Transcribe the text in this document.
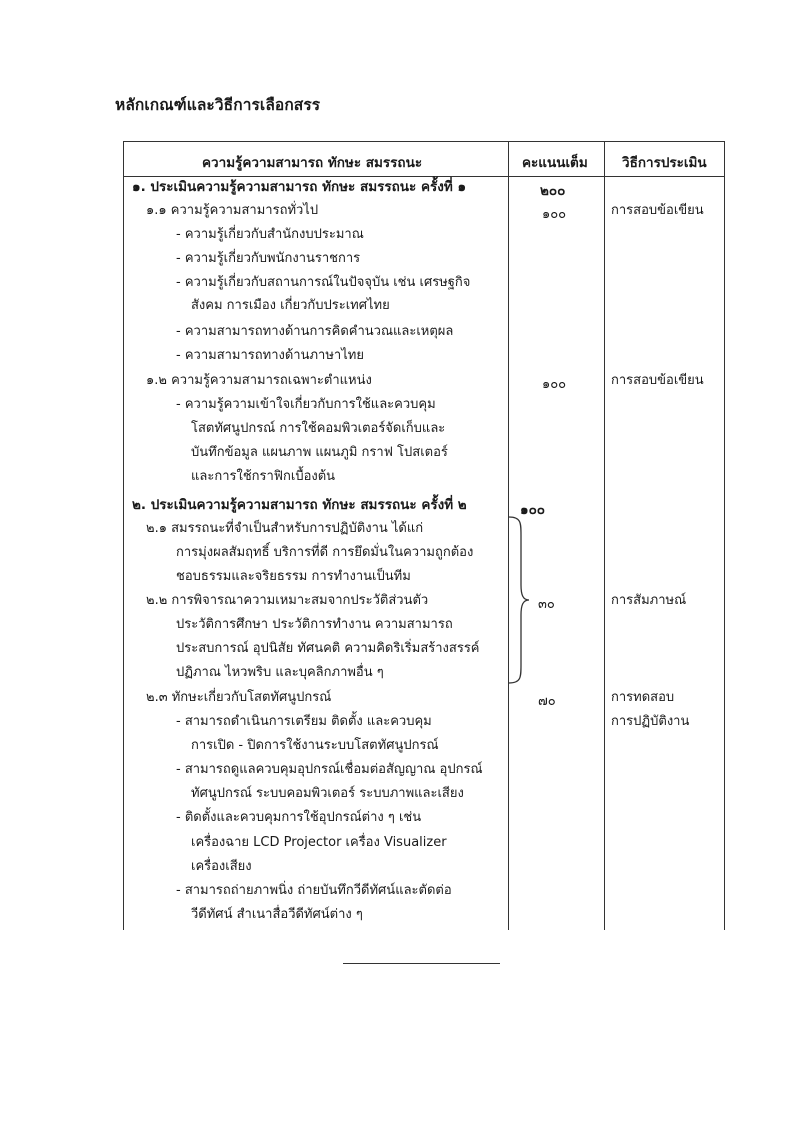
หลักเกณฑ์และวิธีการเลือกสรร
ความรู้ความสามารถ ทักษะ สมรรถนะ	คะแนนเต็ม	วิธีการประเมิน
๑. ประเมินความรู้ความสามารถ ทักษะ สมรรถนะ ครั้งที่ ๑
๑.๑ ความรู้ความสามารถทั่วไป
- ความรู้เกี่ยวกับสำนักงบประมาณ
- ความรู้เกี่ยวกับพนักงานราชการ
- ความรู้เกี่ยวกับสถานการณ์ในปัจจุบัน เช่น เศรษฐกิจ
สังคม การเมือง เกี่ยวกับประเทศไทย
- ความสามารถทางด้านการคิดคำนวณและเหตุผล
- ความสามารถทางด้านภาษาไทย
๑.๒ ความรู้ความสามารถเฉพาะตำแหน่ง
- ความรู้ความเข้าใจเกี่ยวกับการใช้และควบคุม
โสตทัศนูปกรณ์ การใช้คอมพิวเตอร์จัดเก็บและ
บันทึกข้อมูล แผนภาพ แผนภูมิ กราฟ โปสเตอร์
และการใช้กราฟิกเบื้องต้น
๒. ประเมินความรู้ความสามารถ ทักษะ สมรรถนะ ครั้งที่ ๒
๒.๑ สมรรถนะที่จำเป็นสำหรับการปฏิบัติงาน ได้แก่
การมุ่งผลสัมฤทธิ์ บริการที่ดี การยึดมั่นในความถูกต้อง
ชอบธรรมและจริยธรรม การทำงานเป็นทีม
๒.๒ การพิจารณาความเหมาะสมจากประวัติส่วนตัว
ประวัติการศึกษา ประวัติการทำงาน ความสามารถ
ประสบการณ์ อุปนิสัย ทัศนคติ ความคิดริเริ่มสร้างสรรค์
ปฏิภาณ ไหวพริบ และบุคลิกภาพอื่น ๆ
๒.๓ ทักษะเกี่ยวกับโสตทัศนูปกรณ์
- สามารถดำเนินการเตรียม ติดตั้ง และควบคุม
การเปิด - ปิดการใช้งานระบบโสตทัศนูปกรณ์
- สามารถดูแลควบคุมอุปกรณ์เชื่อมต่อสัญญาณ อุปกรณ์
ทัศนูปกรณ์ ระบบคอมพิวเตอร์ ระบบภาพและเสียง
- ติดตั้งและควบคุมการใช้อุปกรณ์ต่าง ๆ เช่น
เครื่องฉาย LCD Projector เครื่อง Visualizer
เครื่องเสียง
- สามารถถ่ายภาพนิ่ง ถ่ายบันทึกวีดีทัศน์และตัดต่อ
วีดีทัศน์ สำเนาสื่อวีดีทัศน์ต่าง ๆ
๒๐๐
๑๐๐
๑๐๐
๑๐๐
๓๐
๗๐
การสอบข้อเขียน
การสอบข้อเขียน
การสัมภาษณ์
การทดสอบ
การปฏิบัติงาน
